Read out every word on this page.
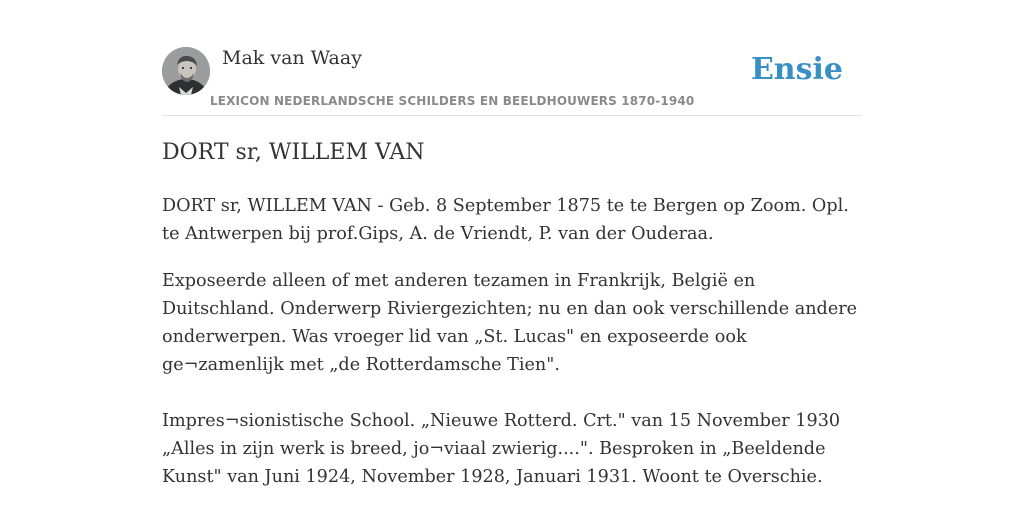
Mak van Waay
LEXICON NEDERLANDSCHE SCHILDERS EN BEELDHOUWERS 1870-1940
Ensie
DORT sr, WILLEM VAN

DORT sr, WILLEM VAN - Geb. 8 September 1875 te te Bergen op Zoom. Opl. te Antwerpen bij prof.Gips, A. de Vriendt, P. van der Ouderaa.

Exposeerde alleen of met anderen tezamen in Frankrijk, België en Duitschland. Onderwerp Riviergezichten; nu en dan ook verschillende andere onderwerpen. Was vroeger lid van „St. Lucas" en exposeerde ook ge¬zamenlijk met „de Rotterdamsche Tien".

Impres¬sionistische School. „Nieuwe Rotterd. Crt." van 15 November 1930 „Alles in zijn werk is breed, jo¬viaal zwierig....". Besproken in „Beeldende Kunst" van Juni 1924, November 1928, Januari 1931. Woont te Overschie.
